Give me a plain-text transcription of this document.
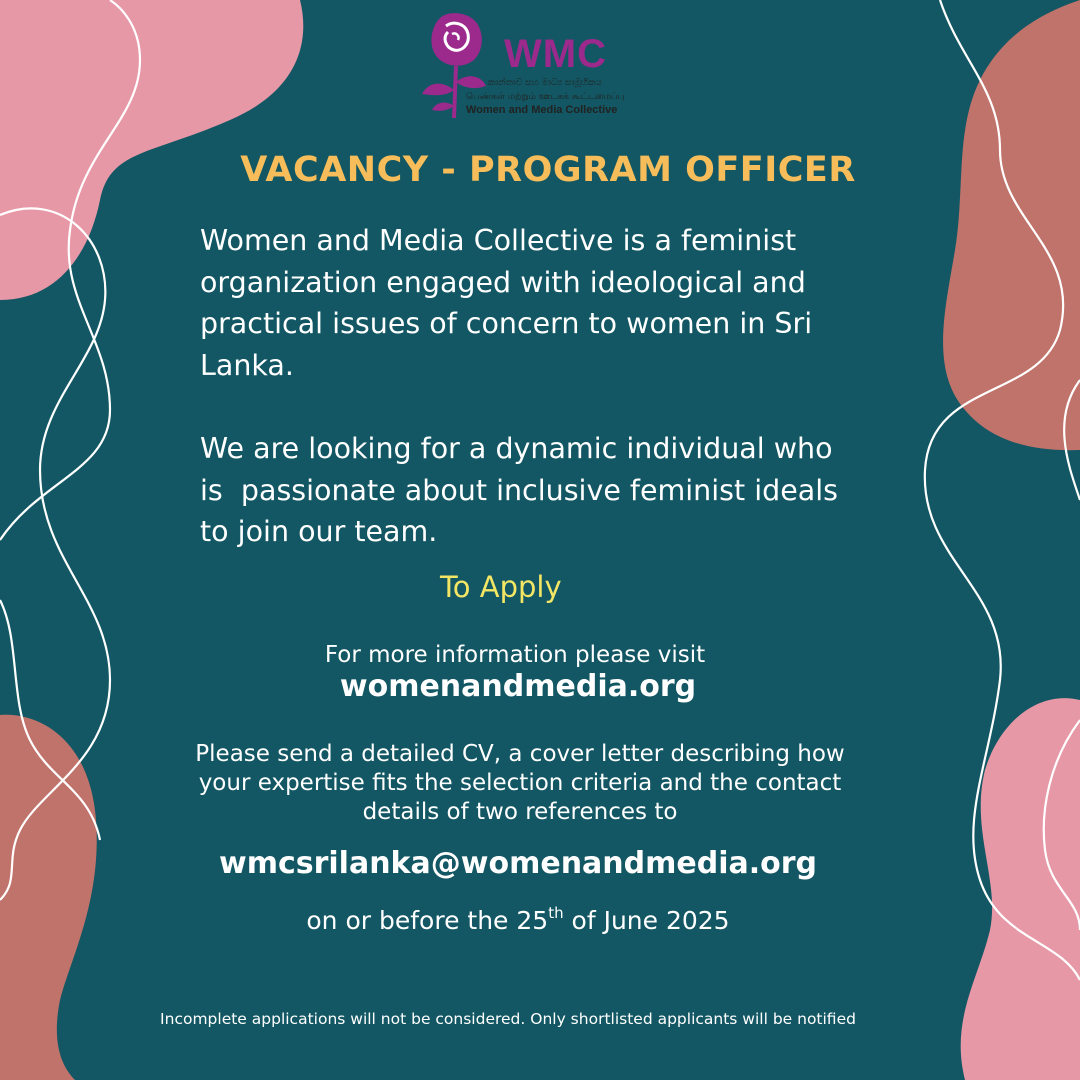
WMC
කාන්තාව සහ මාධ්‍ය සාමූහිකය
பெண்கள் மற்றும் ஊடகக் கூட்டமைப்பு
Women and Media Collective
VACANCY - PROGRAM OFFICER

Women and Media Collective is a feminist
organization engaged with ideological and
practical issues of concern to women in Sri
Lanka.

We are looking for a dynamic individual who
is  passionate about inclusive feminist ideals
to join our team.

To Apply
For more information please visit
womenandmedia.org
Please send a detailed CV, a cover letter describing how
your expertise fits the selection criteria and the contact
details of two references to
wmcsrilanka@womenandmedia.org
on or before the 25th of June 2025
Incomplete applications will not be considered. Only shortlisted applicants will be notified
